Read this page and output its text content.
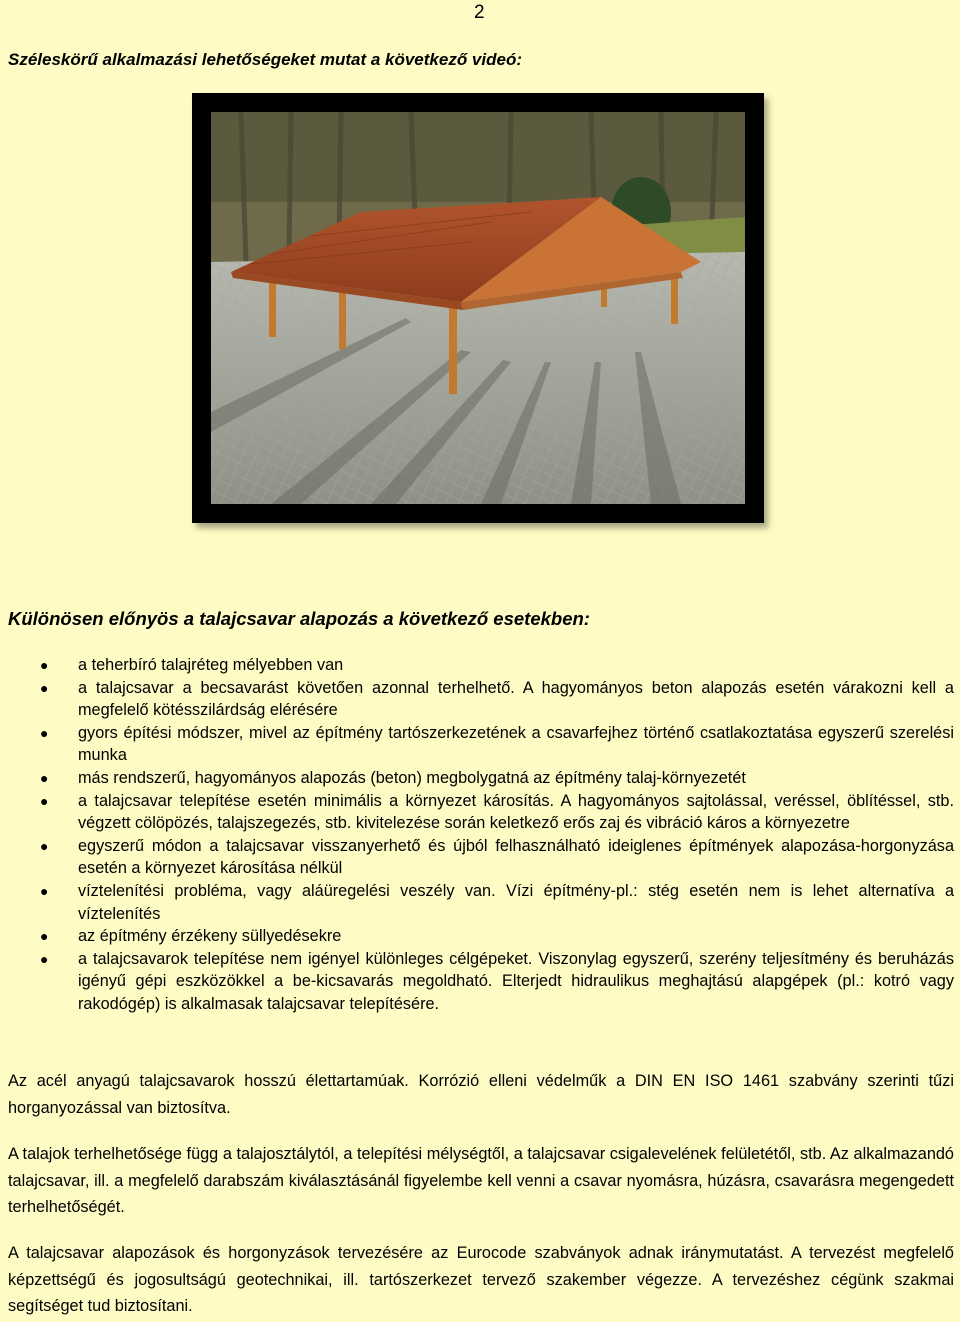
2

Széleskörű alkalmazási lehetőségeket mutat a következő videó:

Különösen előnyös a talajcsavar alapozás a következő esetekben:
● a teherbíró talajréteg mélyebben van
● a talajcsavar a becsavarást követően azonnal terhelhető. A hagyományos beton alapozás esetén várakozni kell a megfelelő kötésszilárdság elérésére
● gyors építési módszer, mivel az építmény tartószerkezetének a csavarfejhez történő csatlakoztatása egyszerű szerelési munka
● más rendszerű, hagyományos alapozás (beton) megbolygatná az építmény talaj-környezetét
● a talajcsavar telepítése esetén minimális a környezet károsítás. A hagyományos sajtolással, veréssel, öblítéssel, stb. végzett cölöpözés, talajszegezés, stb. kivitelezése során keletkező erős zaj és vibráció káros a környezetre
● egyszerű módon a talajcsavar visszanyerhető és újból felhasználható ideiglenes építmények alapozása-horgonyzása esetén a környezet károsítása nélkül
● víztelenítési probléma, vagy aláüregelési veszély van. Vízi építmény-pl.: stég esetén nem is lehet alternatíva a víztelenítés
● az építmény érzékeny süllyedésekre
● a talajcsavarok telepítése nem igényel különleges célgépeket. Viszonylag egyszerű, szerény teljesítmény és beruházás igényű gépi eszközökkel a be-kicsavarás megoldható. Elterjedt hidraulikus meghajtású alapgépek (pl.: kotró vagy rakodógép) is alkalmasak talajcsavar telepítésére.

Az acél anyagú talajcsavarok hosszú élettartamúak. Korrózió elleni védelműk a DIN EN ISO 1461 szabvány szerinti tűzi horganyozással van biztosítva.

A talajok terhelhetősége függ a talajosztálytól, a telepítési mélységtől, a talajcsavar csigalevelének felületétől, stb. Az alkalmazandó talajcsavar, ill. a megfelelő darabszám kiválasztásánál figyelembe kell venni a csavar nyomásra, húzásra, csavarásra megengedett terhelhetőségét.

A talajcsavar alapozások és horgonyzások tervezésére az Eurocode szabványok adnak iránymutatást. A tervezést megfelelő képzettségű és jogosultságú geotechnikai, ill. tartószerkezet tervező szakember végezze. A tervezéshez cégünk szakmai segítséget tud biztosítani.
